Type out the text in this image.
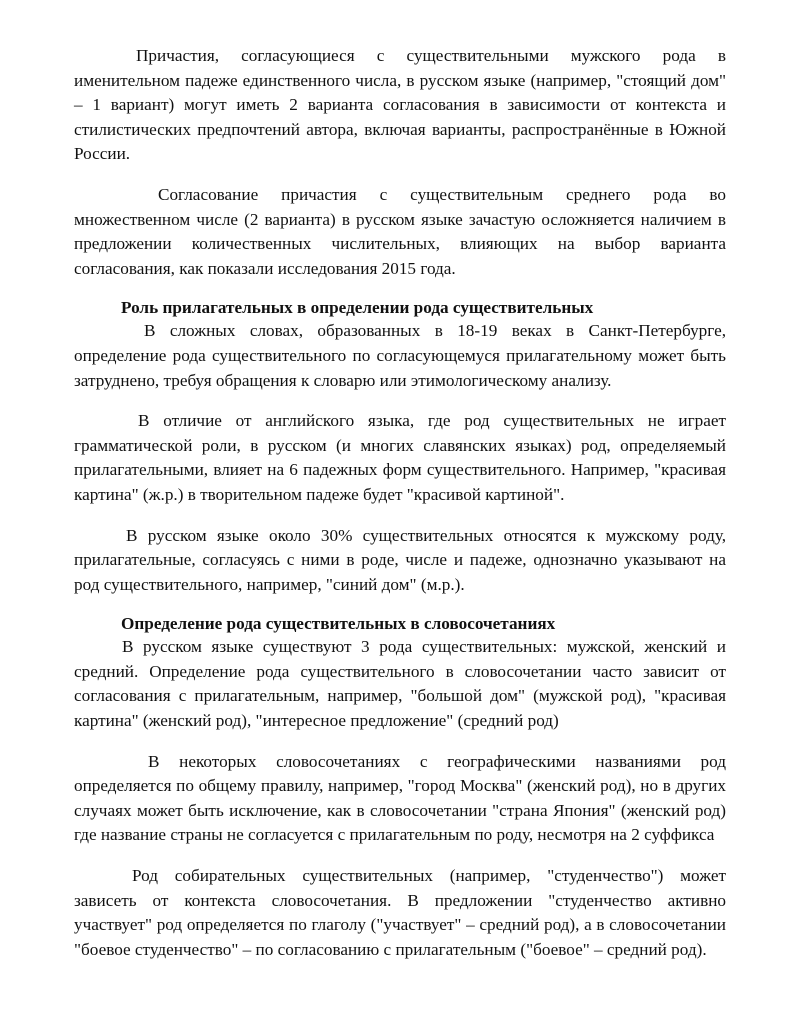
Причастия, согласующиеся с существительными мужского рода в именительном падеже единственного числа, в русском языке (например, "стоящий дом" – 1 вариант) могут иметь 2 варианта согласования в зависимости от контекста и стилистических предпочтений автора, включая варианты, распространённые в Южной России.

Согласование причастия с существительным среднего рода во множественном числе (2 варианта) в русском языке зачастую осложняется наличием в предложении количественных числительных, влияющих на выбор варианта согласования, как показали исследования 2015 года.

Роль прилагательных в определении рода существительных

В сложных словах, образованных в 18-19 веках в Санкт-Петербурге, определение рода существительного по согласующемуся прилагательному может быть затруднено, требуя обращения к словарю или этимологическому анализу.

В отличие от английского языка, где род существительных не играет грамматической роли, в русском (и многих славянских языках) род, определяемый прилагательными, влияет на 6 падежных форм существительного. Например, "красивая картина" (ж.р.) в творительном падеже будет "красивой картиной".

В русском языке около 30% существительных относятся к мужскому роду, прилагательные, согласуясь с ними в роде, числе и падеже, однозначно указывают на род существительного, например, "синий дом" (м.р.).

Определение рода существительных в словосочетаниях

В русском языке существуют 3 рода существительных: мужской, женский и средний. Определение рода существительного в словосочетании часто зависит от согласования с прилагательным, например, "большой дом" (мужской род), "красивая картина" (женский род), "интересное предложение" (средний род)

В некоторых словосочетаниях с географическими названиями род определяется по общему правилу, например, "город Москва" (женский род), но в других случаях может быть исключение, как в словосочетании "страна Япония" (женский род) где название страны не согласуется с прилагательным по роду, несмотря на 2 суффикса

Род собирательных существительных (например, "студенчество") может зависеть от контекста словосочетания. В предложении "студенчество активно участвует" род определяется по глаголу ("участвует" – средний род), а в словосочетании "боевое студенчество" – по согласованию с прилагательным ("боевое" – средний род).
